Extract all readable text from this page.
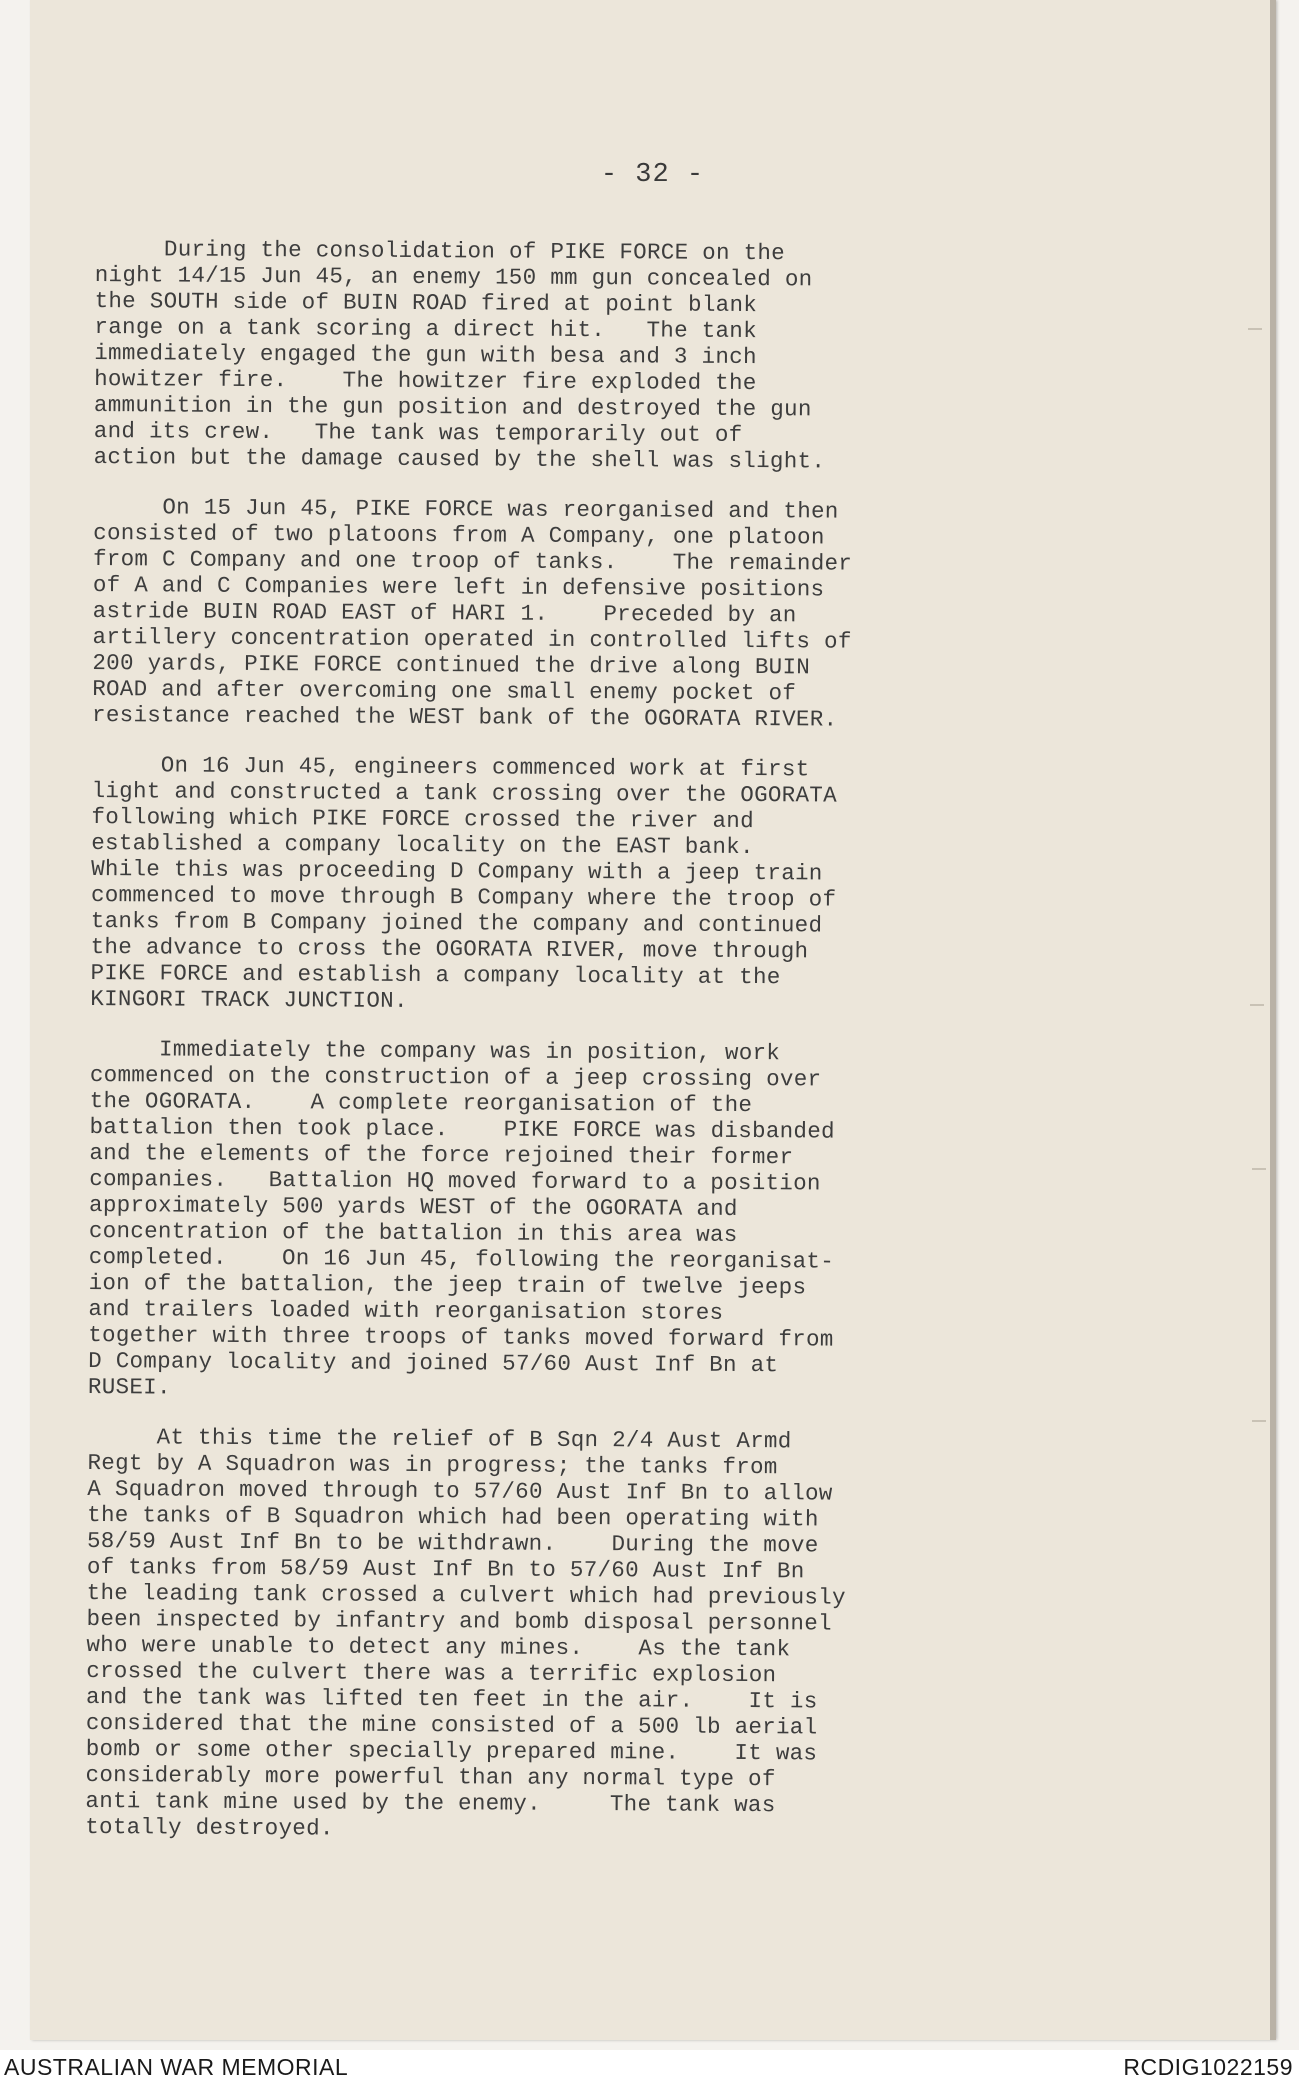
- 32 -
During the consolidation of PIKE FORCE on the
night 14/15 Jun 45, an enemy 150 mm gun concealed on
the SOUTH side of BUIN ROAD fired at point blank
range on a tank scoring a direct hit.   The tank
immediately engaged the gun with besa and 3 inch
howitzer fire.    The howitzer fire exploded the
ammunition in the gun position and destroyed the gun
and its crew.   The tank was temporarily out of
action but the damage caused by the shell was slight.
On 15 Jun 45, PIKE FORCE was reorganised and then
consisted of two platoons from A Company, one platoon
from C Company and one troop of tanks.    The remainder
of A and C Companies were left in defensive positions
astride BUIN ROAD EAST of HARI 1.    Preceded by an
artillery concentration operated in controlled lifts of
200 yards, PIKE FORCE continued the drive along BUIN
ROAD and after overcoming one small enemy pocket of
resistance reached the WEST bank of the OGORATA RIVER.
On 16 Jun 45, engineers commenced work at first
light and constructed a tank crossing over the OGORATA
following which PIKE FORCE crossed the river and
established a company locality on the EAST bank.
While this was proceeding D Company with a jeep train
commenced to move through B Company where the troop of
tanks from B Company joined the company and continued
the advance to cross the OGORATA RIVER, move through
PIKE FORCE and establish a company locality at the
KINGORI TRACK JUNCTION.
Immediately the company was in position, work
commenced on the construction of a jeep crossing over
the OGORATA.    A complete reorganisation of the
battalion then took place.    PIKE FORCE was disbanded
and the elements of the force rejoined their former
companies.   Battalion HQ moved forward to a position
approximately 500 yards WEST of the OGORATA and
concentration of the battalion in this area was
completed.    On 16 Jun 45, following the reorganisat-
ion of the battalion, the jeep train of twelve jeeps
and trailers loaded with reorganisation stores
together with three troops of tanks moved forward from
D Company locality and joined 57/60 Aust Inf Bn at
RUSEI.
At this time the relief of B Sqn 2/4 Aust Armd
Regt by A Squadron was in progress; the tanks from
A Squadron moved through to 57/60 Aust Inf Bn to allow
the tanks of B Squadron which had been operating with
58/59 Aust Inf Bn to be withdrawn.    During the move
of tanks from 58/59 Aust Inf Bn to 57/60 Aust Inf Bn
the leading tank crossed a culvert which had previously
been inspected by infantry and bomb disposal personnel
who were unable to detect any mines.    As the tank
crossed the culvert there was a terrific explosion
and the tank was lifted ten feet in the air.    It is
considered that the mine consisted of a 500 lb aerial
bomb or some other specially prepared mine.    It was
considerably more powerful than any normal type of
anti tank mine used by the enemy.     The tank was
totally destroyed.
AUSTRALIAN WAR MEMORIAL	RCDIG1022159
